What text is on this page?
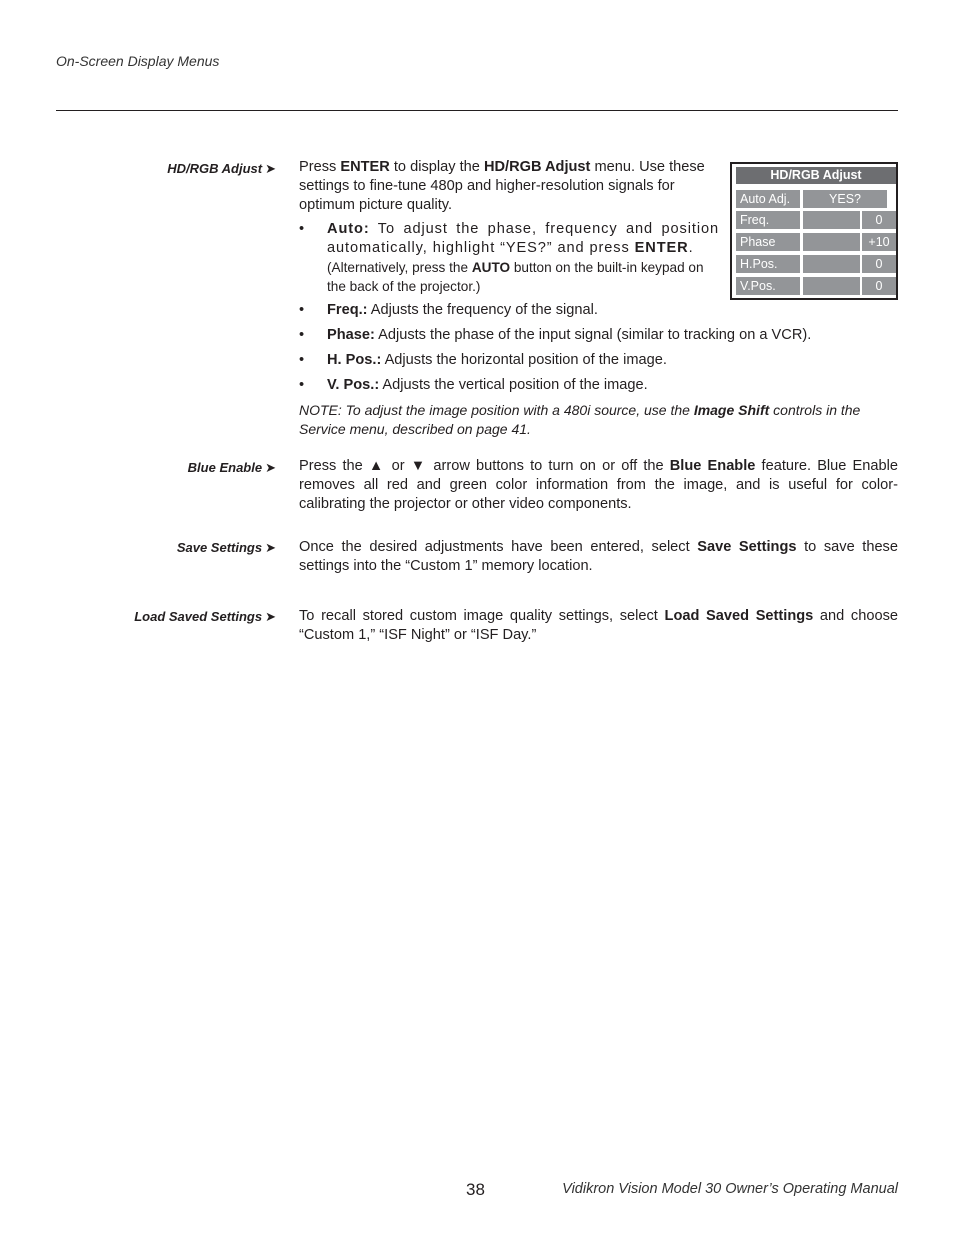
On-Screen Display Menus
HD/RGB Adjust ➤ Press ENTER to display the HD/RGB Adjust menu. Use these settings to fine-tune 480p and higher-resolution signals for optimum picture quality.
•	Auto: To adjust the phase, frequency and position automatically, highlight “YES?” and press ENTER.
(Alternatively, press the AUTO button on the built-in keypad on the back of the projector.)
HD/RGB Adjust
Auto Adj.	YES?
Freq.	0
Phase	+10
H.Pos.	0
V.Pos.	0
•	Freq.: Adjusts the frequency of the signal.
•	Phase: Adjusts the phase of the input signal (similar to tracking on a VCR).
•	H. Pos.: Adjusts the horizontal position of the image.
•	V. Pos.: Adjusts the vertical position of the image.
NOTE: To adjust the image position with a 480i source, use the Image Shift controls in the Service menu, described on page 41.
Blue Enable ➤ Press the ▲ or ▼ arrow buttons to turn on or off the Blue Enable feature. Blue Enable removes all red and green color information from the image, and is useful for color-calibrating the projector or other video components.
Save Settings ➤ Once the desired adjustments have been entered, select Save Settings to save these settings into the “Custom 1” memory location.
Load Saved Settings ➤ To recall stored custom image quality settings, select Load Saved Settings and choose “Custom 1,” “ISF Night” or “ISF Day.”
38	Vidikron Vision Model 30 Owner’s Operating Manual
